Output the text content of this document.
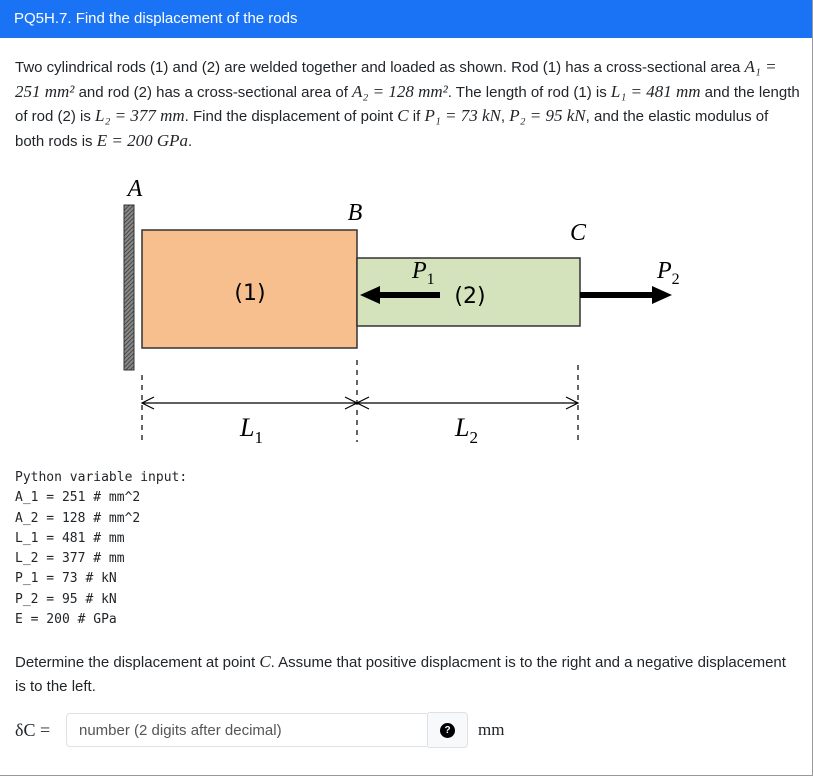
PQ5H.7. Find the displacement of the rods
Two cylindrical rods (1) and (2) are welded together and loaded as shown. Rod (1) has a cross-sectional area A₁ = 251 mm² and rod (2) has a cross-sectional area of A₂ = 128 mm². The length of rod (1) is L₁ = 481 mm and the length of rod (2) is L₂ = 377 mm. Find the displacement of point C if P₁ = 73 kN, P₂ = 95 kN, and the elastic modulus of both rods is E = 200 GPa.
A
B
C
(1)	(2)
$P_1$	$P_2$
$L_1$	$L_2$
Python variable input:
A_1 = 251 # mm^2
A_2 = 128 # mm^2
L_1 = 481 # mm
L_2 = 377 # mm
P_1 = 73 # kN
P_2 = 95 # kN
E = 200 # GPa
Determine the displacement at point C. Assume that positive displacment is to the right and a negative displacement is to the left.
δC =
number (2 digits after decimal)	? mm
